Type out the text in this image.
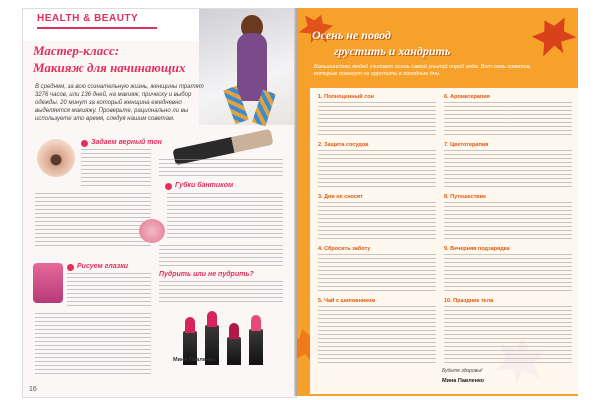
HEALTH & BEAUTY
Мастер-класс:
Макияж для начинающих
В среднем, за всю сознательную жизнь, женщины тратят 3276 часов, или 136 дней, на макияж, прическу и выбор одежды. 20 минут за который женщина ежедневно выделяется макияжу. Проверьте, рационально ли вы используете это время, следуя нашим советам.
Задаем верный тон
Рисуем глазки
Губки бантиком
Пудрить или не пудрить?
Мина Павленко
16
Осень не повод
грустить и хандрить
Большинство людей считает осень самой унылой порой года. Вот семь советов, которые помогут не грустить в холодные дни.
1. Полноценный сон
2. Защита сосудов
3. Дни не сносят
4. Сбросить заботу
5. Чай с шиповником
6. Ароматерапия
7. Цветотерапия
8. Путешествие
9. Вечерняя подзарядка
10. Праздник тела
Будьте здоровы!
Мина Павленко
